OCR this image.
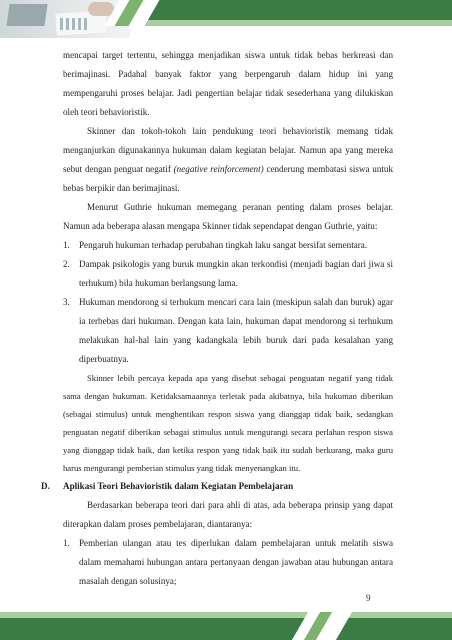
mencapai target tertentu, sehingga menjadikan siswa untuk tidak bebas berkreasi dan berimajinasi. Padahal banyak faktor yang berpengaruh dalam hidup ini yang mempengaruhi proses belajar. Jadi pengertian belajar tidak sesederhana yang dilukiskan oleh teori behavioristik.

Skinner dan tokoh-tokoh lain pendukung teori behavioristik memang tidak menganjurkan digunakannya hukuman dalam kegiatan belajar. Namun apa yang mereka sebut dengan penguat negatif (negative reinforcement) cenderung membatasi siswa untuk bebas berpikir dan berimajinasi.

Menurut Guthrie hukuman memegang peranan penting dalam proses belajar. Namun ada beberapa alasan mengapa Skinner tidak sependapat dengan Guthrie, yaitu:

1. Pengaruh hukuman terhadap perubahan tingkah laku sangat bersifat sementara.
2. Dampak psikologis yang buruk mungkin akan terkondisi (menjadi bagian dari jiwa si terhukum) bila hukuman berlangsung lama.
3. Hukuman mendorong si terhukum mencari cara lain (meskipun salah dan buruk) agar ia terbebas dari hukuman. Dengan kata lain, hukuman dapat mendorong si terhukum melakukan hal-hal lain yang kadangkala lebih buruk dari pada kesalahan yang diperbuatnya.

Skinner lebih percaya kepada apa yang disebut sebagai penguatan negatif yang tidak sama dengan hukuman. Ketidaksamaannya terletak pada akibatnya, bila hukuman diberikan (sebagai stimulus) untuk menghentikan respon siswa yang dianggap tidak baik, sedangkan penguatan negatif diberikan sebagai stimulus untuk mengurangi secara perlahan respon siswa yang dianggap tidak baik, dan ketika respon yang tidak baik itu sudah berkurang, maka guru harus mengurangi pemberian stimulus yang tidak menyenangkan itu.

D. Aplikasi Teori Behavioristik dalam Kegiatan Pembelajaran

Berdasarkan beberapa teori dari para ahli di atas, ada beberapa prinsip yang dapat diterapkan dalam proses pembelajaran, diantaranya:

1. Pemberian ulangan atau tes diperlukan dalam pembelajaran untuk melatih siswa dalam memahami hubungan antara pertanyaan dengan jawaban atau hubungan antara masalah dengan solusinya;
9
